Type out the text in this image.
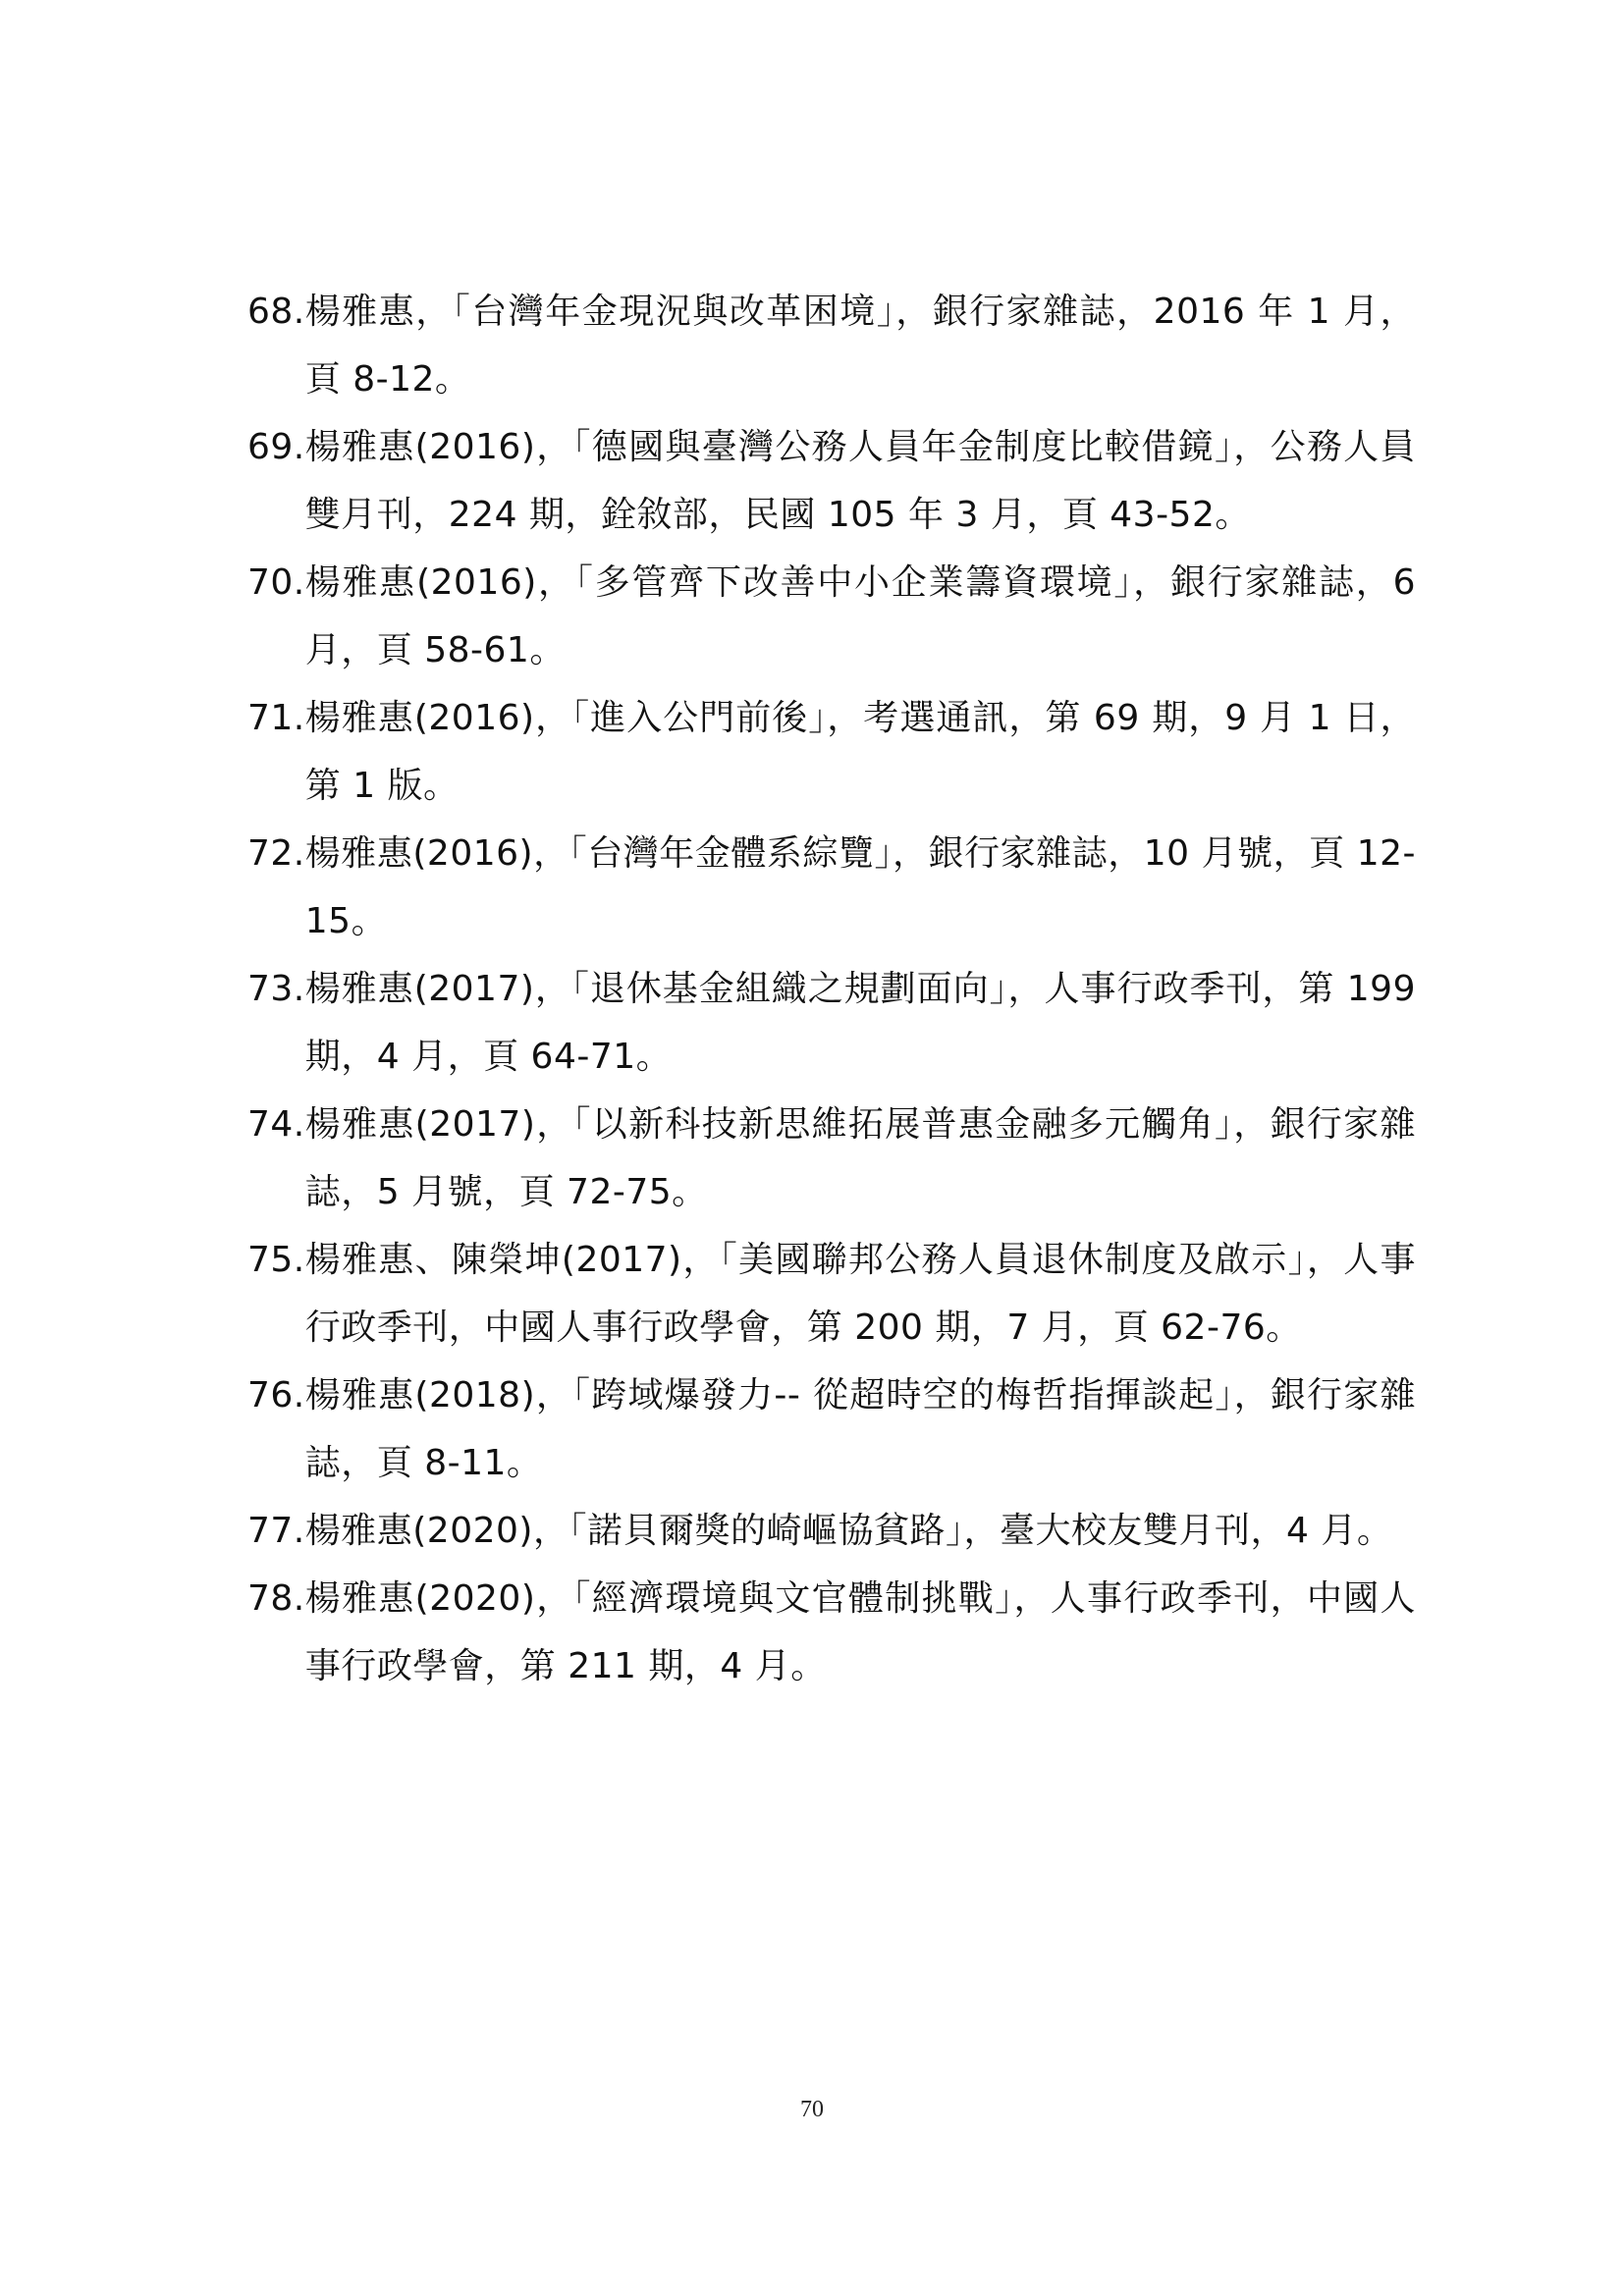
68. 楊雅惠，「台灣年金現況與改革困境」，銀行家雜誌，2016 年 1 月，頁 8-12。
69. 楊雅惠(2016)，「德國與臺灣公務人員年金制度比較借鏡」，公務人員雙月刊，224 期，銓敘部，民國 105 年 3 月，頁 43-52。
70. 楊雅惠(2016)，「多管齊下改善中小企業籌資環境」，銀行家雜誌，6 月，頁 58-61。
71. 楊雅惠(2016)，「進入公門前後」，考選通訊，第 69 期，9 月 1 日，第 1 版。
72. 楊雅惠(2016)，「台灣年金體系綜覽」，銀行家雜誌，10 月號，頁 12-15。
73. 楊雅惠(2017)，「退休基金組織之規劃面向」，人事行政季刊，第 199 期，4 月，頁 64-71。
74. 楊雅惠(2017)，「以新科技新思維拓展普惠金融多元觸角」，銀行家雜誌，5 月號，頁 72-75。
75. 楊雅惠、陳榮坤(2017)，「美國聯邦公務人員退休制度及啟示」，人事行政季刊，中國人事行政學會，第 200 期，7 月，頁 62-76。
76. 楊雅惠(2018)，「跨域爆發力-- 從超時空的梅哲指揮談起」，銀行家雜誌，頁 8-11。
77. 楊雅惠(2020)，「諾貝爾獎的崎嶇協貧路」，臺大校友雙月刊，4 月。
78. 楊雅惠(2020)，「經濟環境與文官體制挑戰」，人事行政季刊，中國人事行政學會，第 211 期，4 月。
70
